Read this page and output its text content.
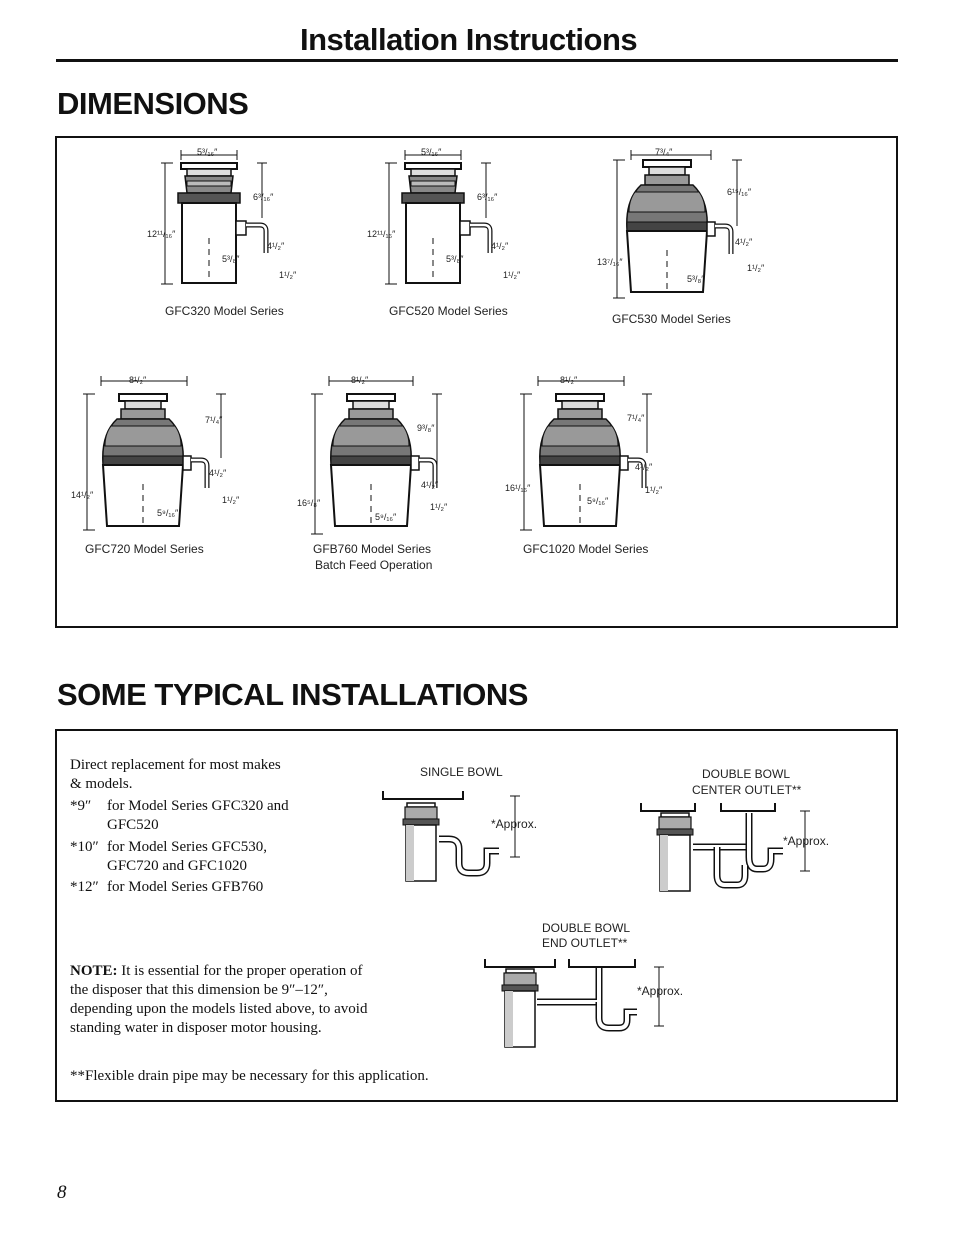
Installation Instructions
DIMENSIONS
5³/₁₆″
12¹¹/₁₆″
6³/₁₆″
4¹/₂″
5³/₈″
1¹/₂″
GFC320 Model Series
5³/₁₆″
12¹¹/₁₆″
6³/₁₆″
4¹/₂″
5³/₈″
1¹/₂″
GFC520 Model Series
7³/₄″
13⁷/₁₆″
6¹⁵/₁₆″
4¹/₂″
5³/₈″
1¹/₂″
GFC530 Model Series
8¹/₂″
14¹/₂″
7¹/₄″
4¹/₂″
5⁹/₁₆″
1¹/₂″
GFC720 Model Series
8¹/₂″
16⁵/₈″
9³/₈″
4¹/₂″
5⁹/₁₆″
1¹/₂″
GFB760 Model Series
Batch Feed Operation
8¹/₂″
16¹/₁₆″
7¹/₄″
4¹/₂″
5⁹/₁₆″
1¹/₂″
GFC1020 Model Series
SOME TYPICAL INSTALLATIONS
Direct replacement for most makes & models.
*9″	for Model Series GFC320 and GFC520
*10″ for Model Series GFC530, GFC720 and GFC1020
*12″ for Model Series GFB760
NOTE: It is essential for the proper operation of the disposer that this dimension be 9″–12″, depending upon the models listed above, to avoid standing water in disposer motor housing.
**Flexible drain pipe may be necessary for this application.
SINGLE BOWL	DOUBLE BOWL
CENTER OUTLET**
DOUBLE BOWL
END OUTLET**
*Approx.
*Approx.
*Approx.
8
